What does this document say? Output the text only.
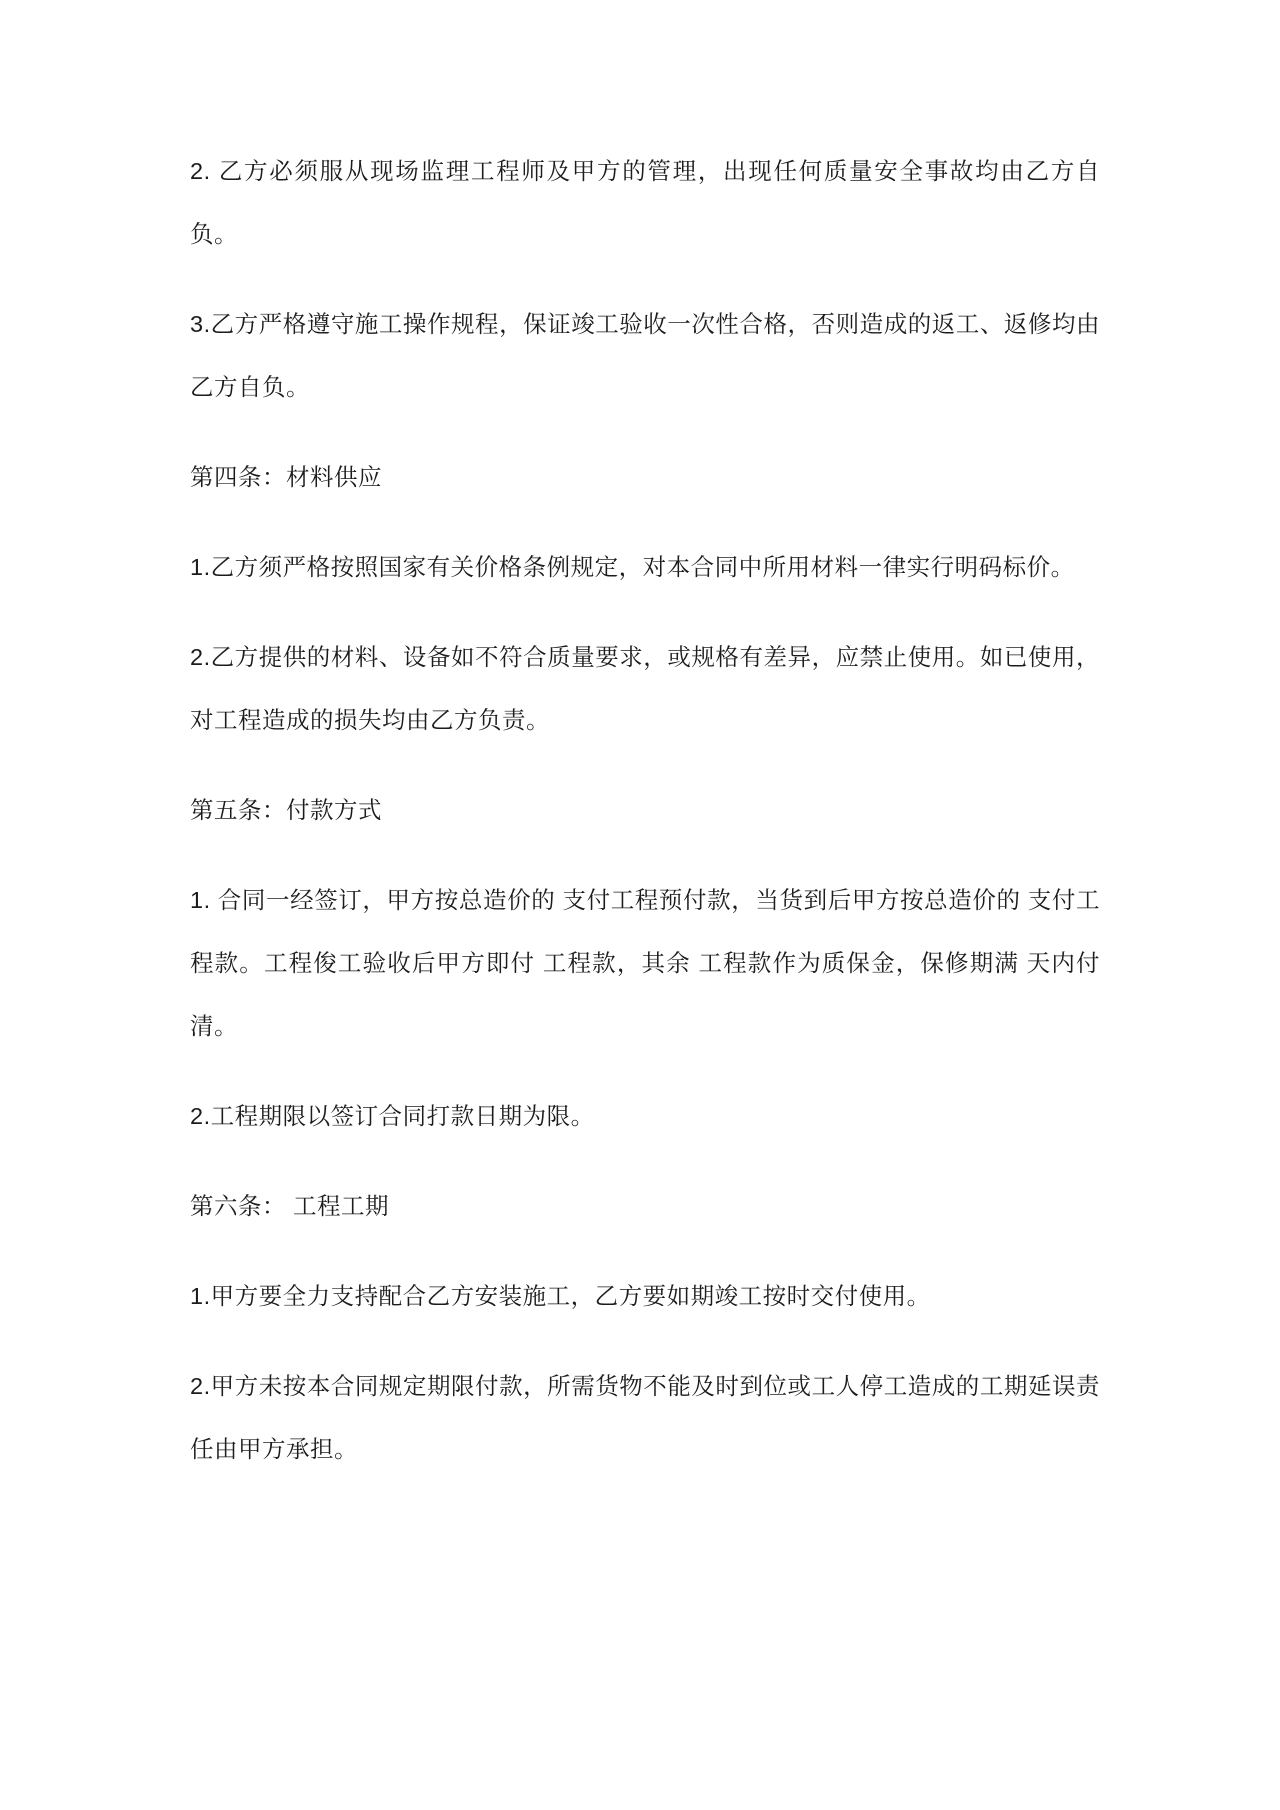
2. 乙方必须服从现场监理工程师及甲方的管理，出现任何质量安全事故均由乙方自负。

3.乙方严格遵守施工操作规程，保证竣工验收一次性合格，否则造成的返工、返修均由乙方自负。

第四条：材料供应

1.乙方须严格按照国家有关价格条例规定，对本合同中所用材料一律实行明码标价。

2.乙方提供的材料、设备如不符合质量要求，或规格有差异，应禁止使用。如已使用，对工程造成的损失均由乙方负责。

第五条：付款方式

1. 合同一经签订，甲方按总造价的 支付工程预付款，当货到后甲方按总造价的 支付工程款。工程俊工验收后甲方即付 工程款，其余 工程款作为质保金，保修期满 天内付清。

2.工程期限以签订合同打款日期为限。

第六条： 工程工期

1.甲方要全力支持配合乙方安装施工，乙方要如期竣工按时交付使用。

2.甲方未按本合同规定期限付款，所需货物不能及时到位或工人停工造成的工期延误责任由甲方承担。
